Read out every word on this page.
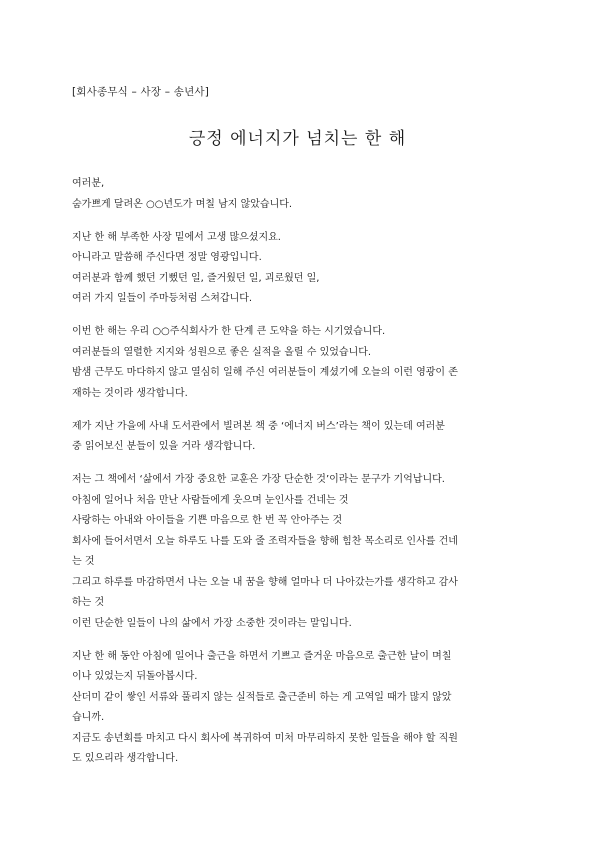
[회사종무식 – 사장 – 송년사]
긍정 에너지가 넘치는 한 해
여러분,
숨가쁘게 달려온 ○○년도가 며칠 남지 않았습니다.
지난 한 해 부족한 사장 밑에서 고생 많으셨지요.
아니라고 말씀해 주신다면 정말 영광입니다.
여러분과 함께 했던 기뻤던 일, 즐거웠던 일, 괴로웠던 일,
여러 가지 일들이 주마등처럼 스쳐갑니다.
이번 한 해는 우리 ○○주식회사가 한 단계 큰 도약을 하는 시기였습니다.
여러분들의 열렬한 지지와 성원으로 좋은 실적을 올릴 수 있었습니다.
밤샘 근무도 마다하지 않고 열심히 일해 주신 여러분들이 계셨기에 오늘의 이런 영광이 존
재하는 것이라 생각합니다.
제가 지난 가을에 사내 도서관에서 빌려본 책 중 ‘에너지 버스’라는 책이 있는데 여러분
중 읽어보신 분들이 있을 거라 생각합니다.
저는 그 책에서 ‘삶에서 가장 중요한 교훈은 가장 단순한 것’이라는 문구가 기억납니다.
아침에 일어나 처음 만난 사람들에게 웃으며 눈인사를 건네는 것
사랑하는 아내와 아이들을 기쁜 마음으로 한 번 꼭 안아주는 것
회사에 들어서면서 오늘 하루도 나를 도와 줄 조력자들을 향해 힘찬 목소리로 인사를 건네
는 것
그리고 하루를 마감하면서 나는 오늘 내 꿈을 향해 얼마나 더 나아갔는가를 생각하고 감사
하는 것
이런 단순한 일들이 나의 삶에서 가장 소중한 것이라는 말입니다.
지난 한 해 동안 아침에 일어나 출근을 하면서 기쁘고 즐거운 마음으로 출근한 날이 며칠
이나 있었는지 뒤돌아봅시다.
산더미 같이 쌓인 서류와 풀리지 않는 실적들로 출근준비 하는 게 고역일 때가 많지 않았
습니까.
지금도 송년회를 마치고 다시 회사에 복귀하여 미처 마무리하지 못한 일들을 해야 할 직원
도 있으리라 생각합니다.
